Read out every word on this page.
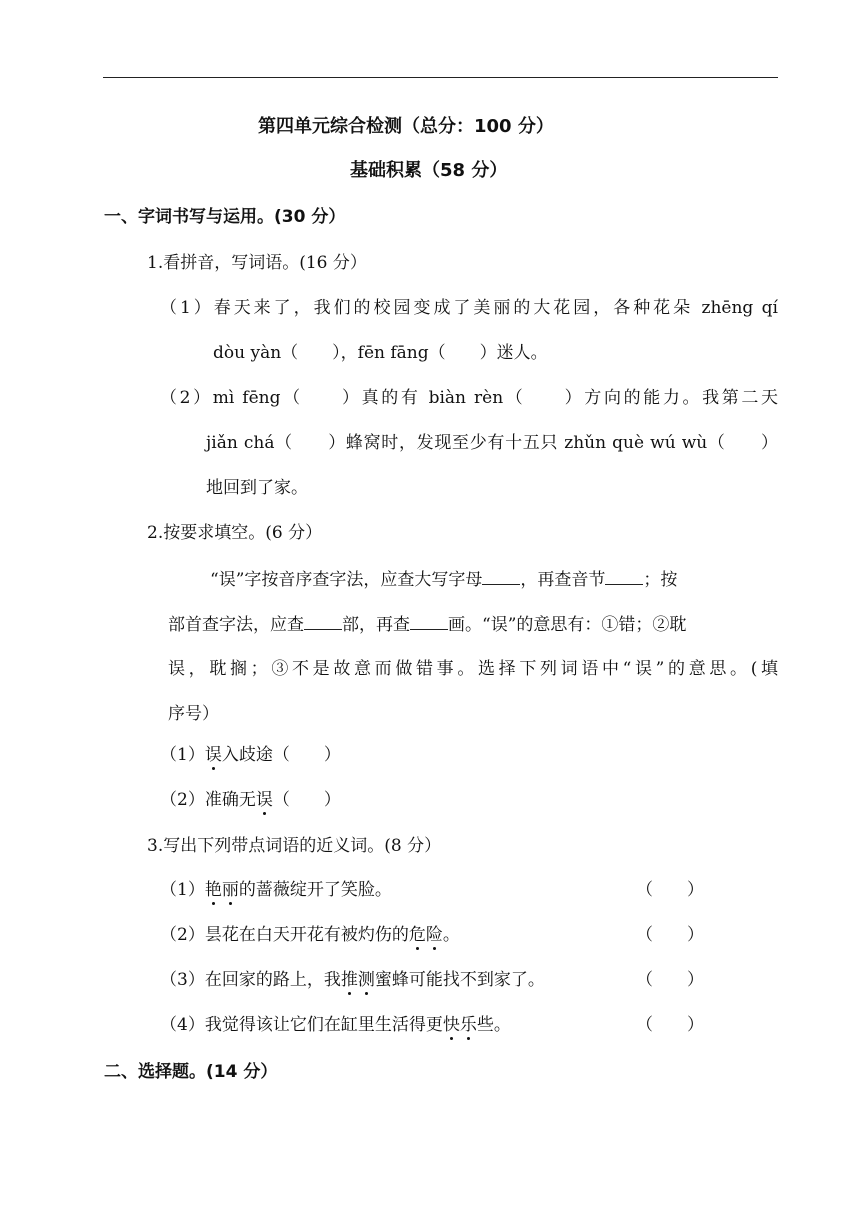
第四单元综合检测（总分：100 分）
基础积累（58 分）
一、字词书写与运用。(30 分）
1.看拼音，写词语。(16 分）
（1）春天来了，我们的校园变成了美丽的大花园，各种花朵 zhēng qí
dòu yàn（　　），fēn fāng（　　）迷人。
（2）mì fēng（　　）真的有 biàn rèn（　　）方向的能力。我第二天
jiǎn chá（　　）蜂窝时，发现至少有十五只 zhǔn què wú wù（　　）
地回到了家。
2.按要求填空。(6 分）
“误”字按音序查字法，应查大写字母 ，再查音节 ；按
部首查字法，应查 部，再查 画。“误”的意思有：①错；②耽
误，耽搁；③不是故意而做错事。选择下列词语中“误”的意思。(填
序号）
（1）误入歧途（　　）
（2）准确无误（　　）
3.写出下列带点词语的近义词。(8 分）
（1）艳丽的蔷薇绽开了笑脸。	（　　）
（2）昙花在白天开花有被灼伤的危险。	（　　）
（3）在回家的路上，我推测蜜蜂可能找不到家了。	（　　）
（4）我觉得该让它们在缸里生活得更快乐些。	（　　）
二、选择题。(14 分）
